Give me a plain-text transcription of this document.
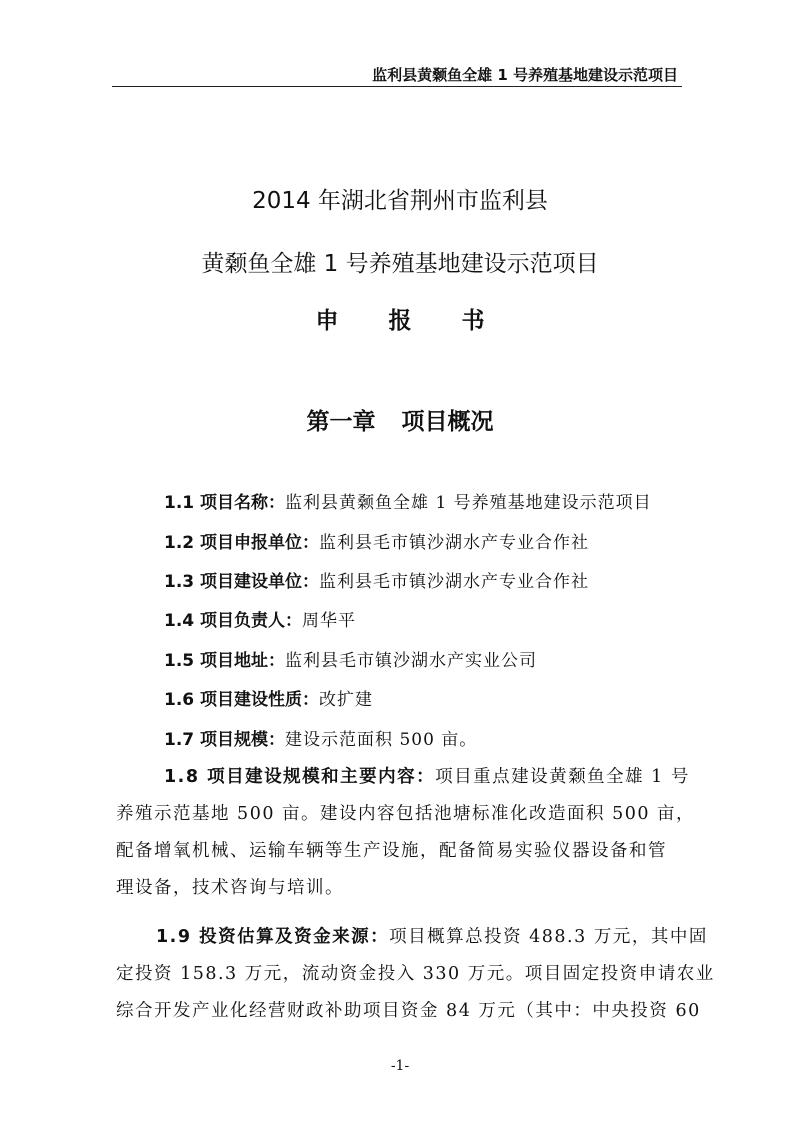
监利县黄颡鱼全雄 1 号养殖基地建设示范项目
2014 年湖北省荆州市监利县
黄颡鱼全雄 1 号养殖基地建设示范项目
申报书
第一章 项目概况
1.1 项目名称：监利县黄颡鱼全雄 1 号养殖基地建设示范项目
1.2 项目申报单位：监利县毛市镇沙湖水产专业合作社
1.3 项目建设单位：监利县毛市镇沙湖水产专业合作社
1.4 项目负责人：周华平
1.5 项目地址：监利县毛市镇沙湖水产实业公司
1.6 项目建设性质：改扩建
1.7 项目规模：建设示范面积 500 亩。
1.8 项目建设规模和主要内容：项目重点建设黄颡鱼全雄 1 号
养殖示范基地 500 亩。建设内容包括池塘标准化改造面积 500 亩，
配备增氧机械、运输车辆等生产设施，配备简易实验仪器设备和管
理设备，技术咨询与培训。
1.9 投资估算及资金来源：项目概算总投资 488.3 万元，其中固
定投资 158.3 万元，流动资金投入 330 万元。项目固定投资申请农业
综合开发产业化经营财政补助项目资金 84 万元（其中：中央投资 60
-1-
